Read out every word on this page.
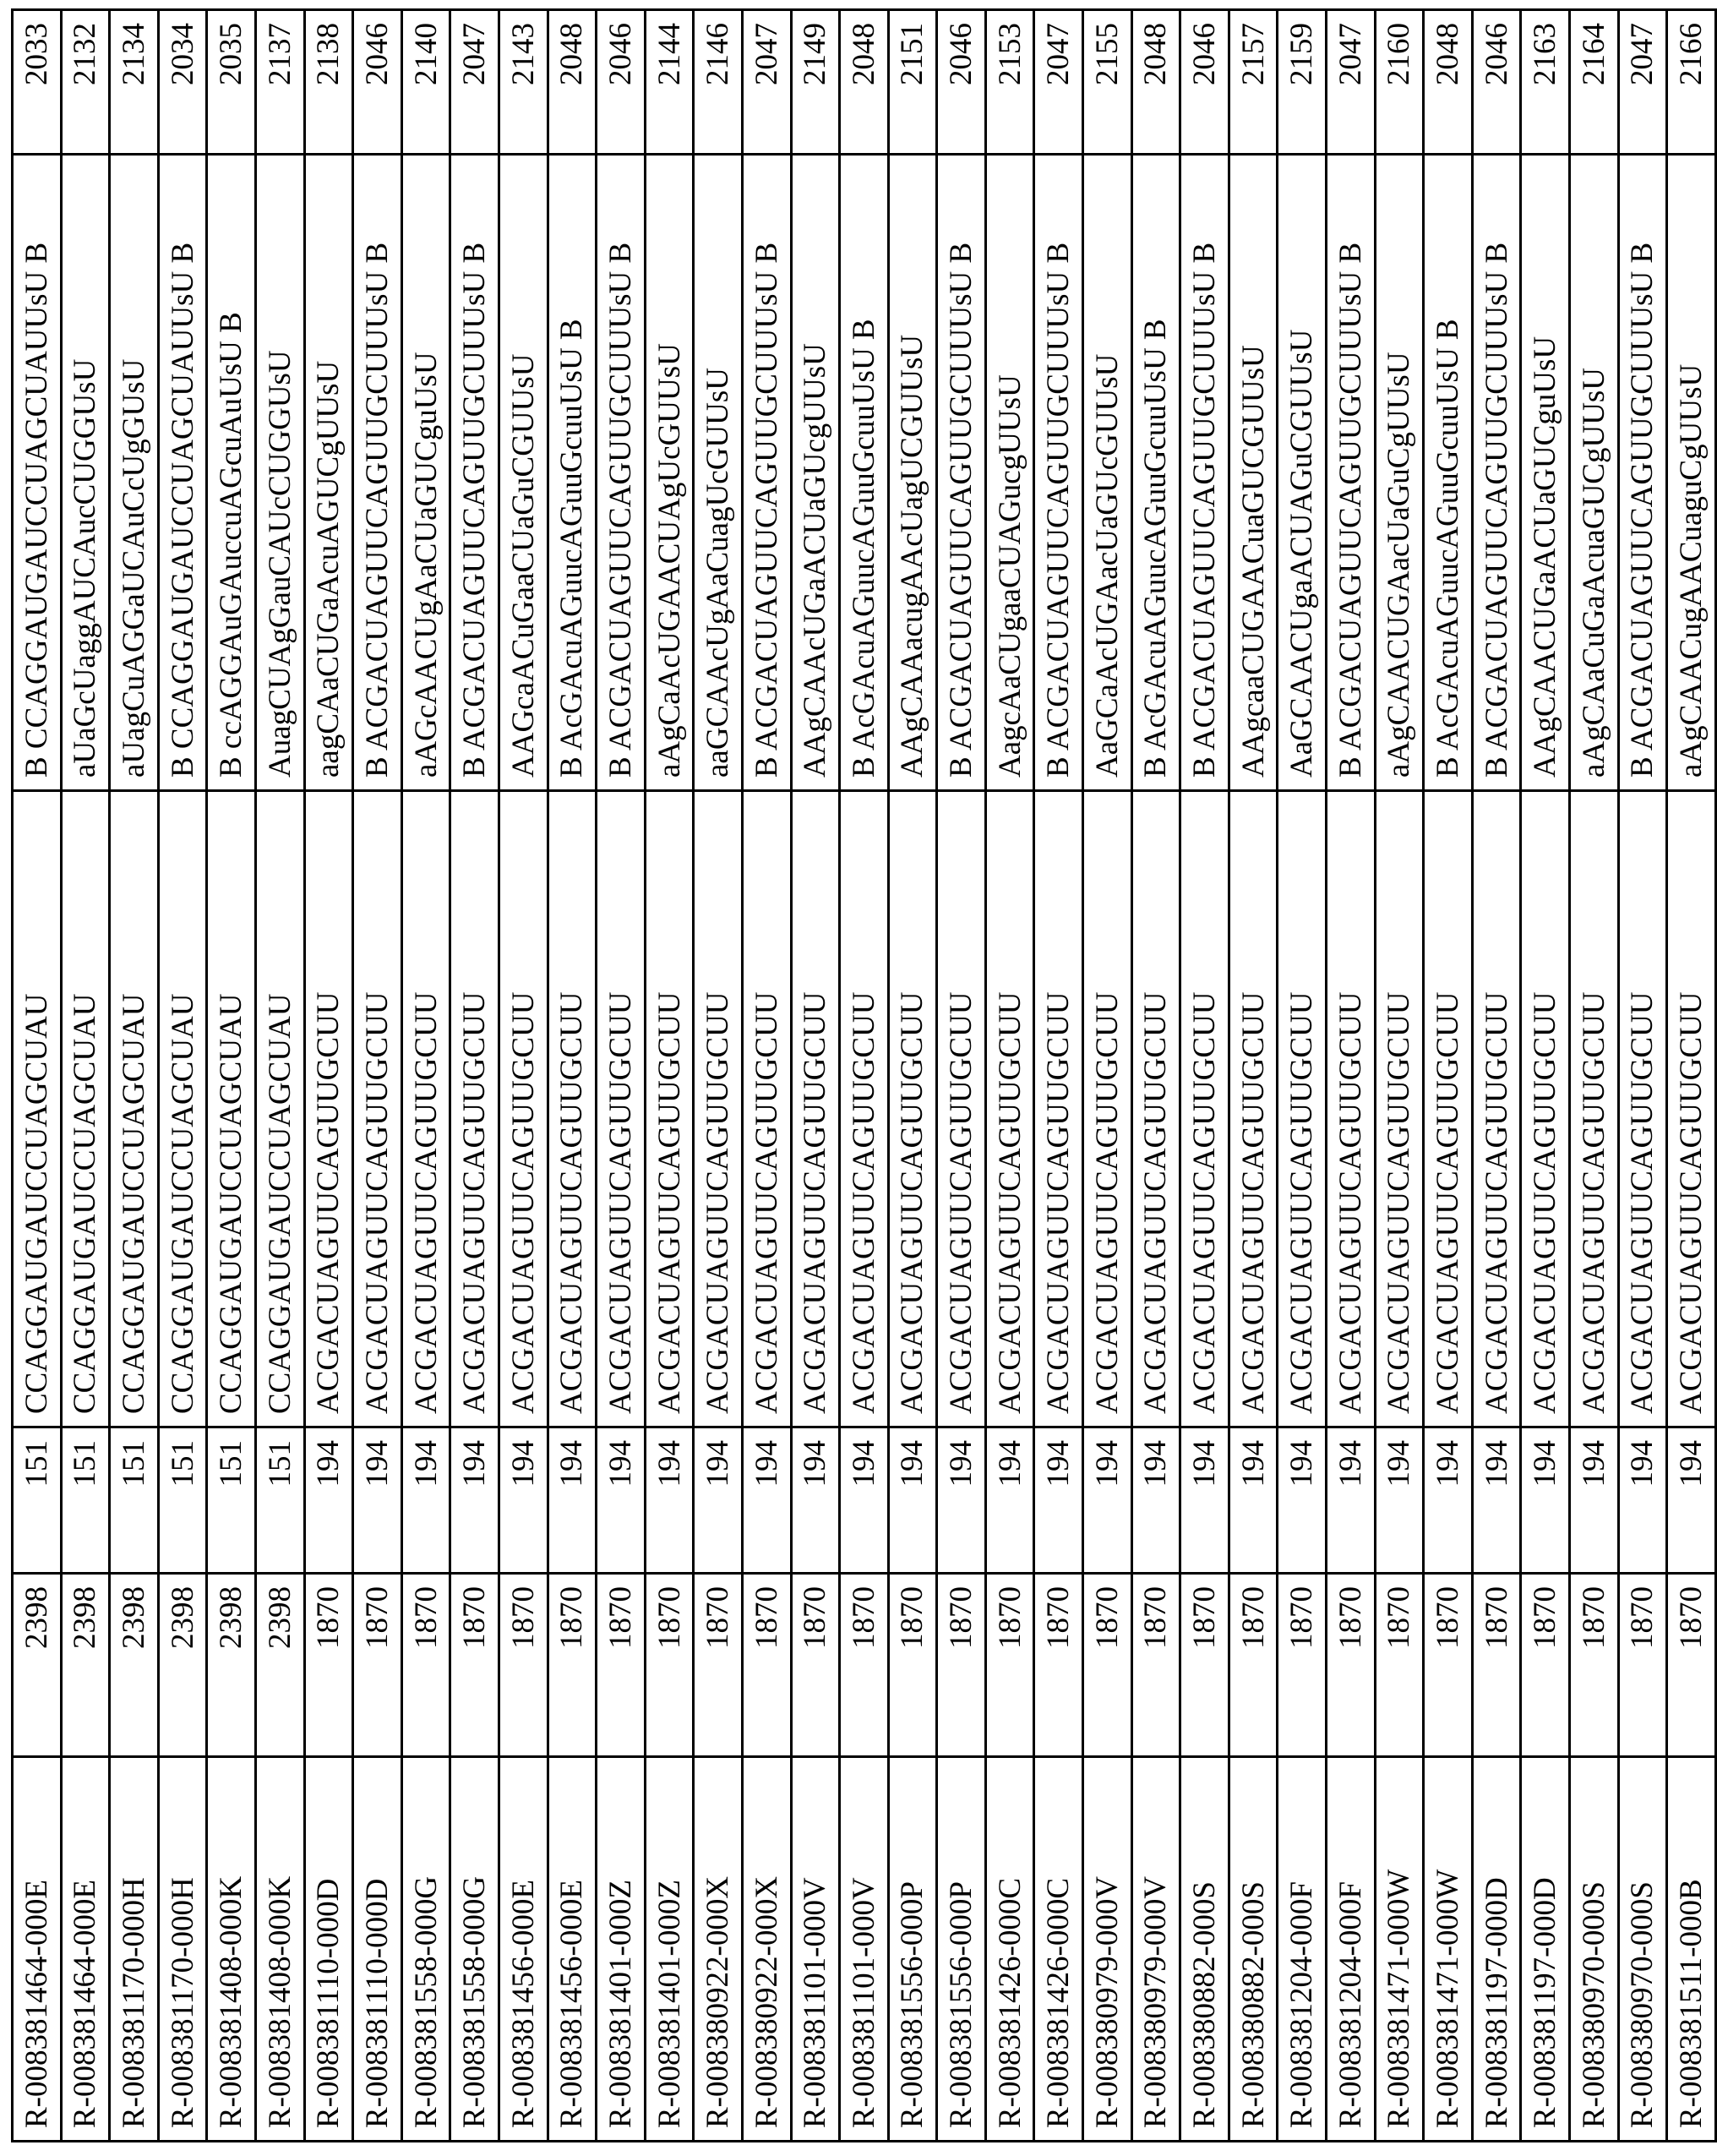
R-008381464-000E	2398	151	CCAGGAUGAUCCUAGCUAU	B CCAGGAUGAUCCUAGCUAUUsU B	2033
R-008381464-000E	2398	151	CCAGGAUGAUCCUAGCUAU	aUaGcUaggAUCAucCUGGUsU	2132
R-008381170-000H	2398	151	CCAGGAUGAUCCUAGCUAU	aUagCuAGGaUCAuCcUgGUsU	2134
R-008381170-000H	2398	151	CCAGGAUGAUCCUAGCUAU	B CCAGGAUGAUCCUAGCUAUUsU B	2034
R-008381408-000K	2398	151	CCAGGAUGAUCCUAGCUAU	B ccAGGAuGAuccuAGcuAuUsU B	2035
R-008381408-000K	2398	151	CCAGGAUGAUCCUAGCUAU	AuagCUAgGauCAUcCUGGUsU	2137
R-008381110-000D	1870	194	ACGACUAGUUCAGUUGCUU	aagCAaCUGaAcuAGUCgUUsU	2138
R-008381110-000D	1870	194	ACGACUAGUUCAGUUGCUU	B ACGACUAGUUCAGUUGCUUUsU B	2046
R-008381558-000G	1870	194	ACGACUAGUUCAGUUGCUU	aAGcAACUgAaCUaGUCguUsU	2140
R-008381558-000G	1870	194	ACGACUAGUUCAGUUGCUU	B ACGACUAGUUCAGUUGCUUUsU B	2047
R-008381456-000E	1870	194	ACGACUAGUUCAGUUGCUU	AAGcaACuGaaCUaGuCGUUsU	2143
R-008381456-000E	1870	194	ACGACUAGUUCAGUUGCUU	B AcGAcuAGuucAGuuGcuuUsU B	2048
R-008381401-000Z	1870	194	ACGACUAGUUCAGUUGCUU	B ACGACUAGUUCAGUUGCUUUsU B	2046
R-008381401-000Z	1870	194	ACGACUAGUUCAGUUGCUU	aAgCaAcUGAACUAgUcGUUsU	2144
R-008380922-000X	1870	194	ACGACUAGUUCAGUUGCUU	aaGCAAcUgAaCuagUcGUUsU	2146
R-008380922-000X	1870	194	ACGACUAGUUCAGUUGCUU	B ACGACUAGUUCAGUUGCUUUsU B	2047
R-008381101-000V	1870	194	ACGACUAGUUCAGUUGCUU	AAgCAAcUGaACUaGUcgUUsU	2149
R-008381101-000V	1870	194	ACGACUAGUUCAGUUGCUU	B AcGAcuAGuucAGuuGcuuUsU B	2048
R-008381556-000P	1870	194	ACGACUAGUUCAGUUGCUU	AAgCAAacugAAcUagUCGUUsU	2151
R-008381556-000P	1870	194	ACGACUAGUUCAGUUGCUU	B ACGACUAGUUCAGUUGCUUUsU B	2046
R-008381426-000C	1870	194	ACGACUAGUUCAGUUGCUU	AagcAaCUgaaCUAGucgUUsU	2153
R-008381426-000C	1870	194	ACGACUAGUUCAGUUGCUU	B ACGACUAGUUCAGUUGCUUUsU B	2047
R-008380979-000V	1870	194	ACGACUAGUUCAGUUGCUU	AaGCaAcUGAacUaGUcGUUsU	2155
R-008380979-000V	1870	194	ACGACUAGUUCAGUUGCUU	B AcGAcuAGuucAGuuGcuuUsU B	2048
R-008380882-000S	1870	194	ACGACUAGUUCAGUUGCUU	B ACGACUAGUUCAGUUGCUUUsU B	2046
R-008380882-000S	1870	194	ACGACUAGUUCAGUUGCUU	AAgcaaCUGAACuaGUCGUUsU	2157
R-008381204-000F	1870	194	ACGACUAGUUCAGUUGCUU	AaGCAACUgaACUAGuCGUUsU	2159
R-008381204-000F	1870	194	ACGACUAGUUCAGUUGCUU	B ACGACUAGUUCAGUUGCUUUsU B	2047
R-008381471-000W	1870	194	ACGACUAGUUCAGUUGCUU	aAgCAACUGAacUaGuCgUUsU	2160
R-008381471-000W	1870	194	ACGACUAGUUCAGUUGCUU	B AcGAcuAGuucAGuuGcuuUsU B	2048
R-008381197-000D	1870	194	ACGACUAGUUCAGUUGCUU	B ACGACUAGUUCAGUUGCUUUsU B	2046
R-008381197-000D	1870	194	ACGACUAGUUCAGUUGCUU	AAgCAACUGaACUaGUCguUsU	2163
R-008380970-000S	1870	194	ACGACUAGUUCAGUUGCUU	aAgCAaCuGaAcuaGUCgUUsU	2164
R-008380970-000S	1870	194	ACGACUAGUUCAGUUGCUU	B ACGACUAGUUCAGUUGCUUUsU B	2047
R-008381511-000B	1870	194	ACGACUAGUUCAGUUGCUU	aAgCAACugAACuaguCgUUsU	2166
